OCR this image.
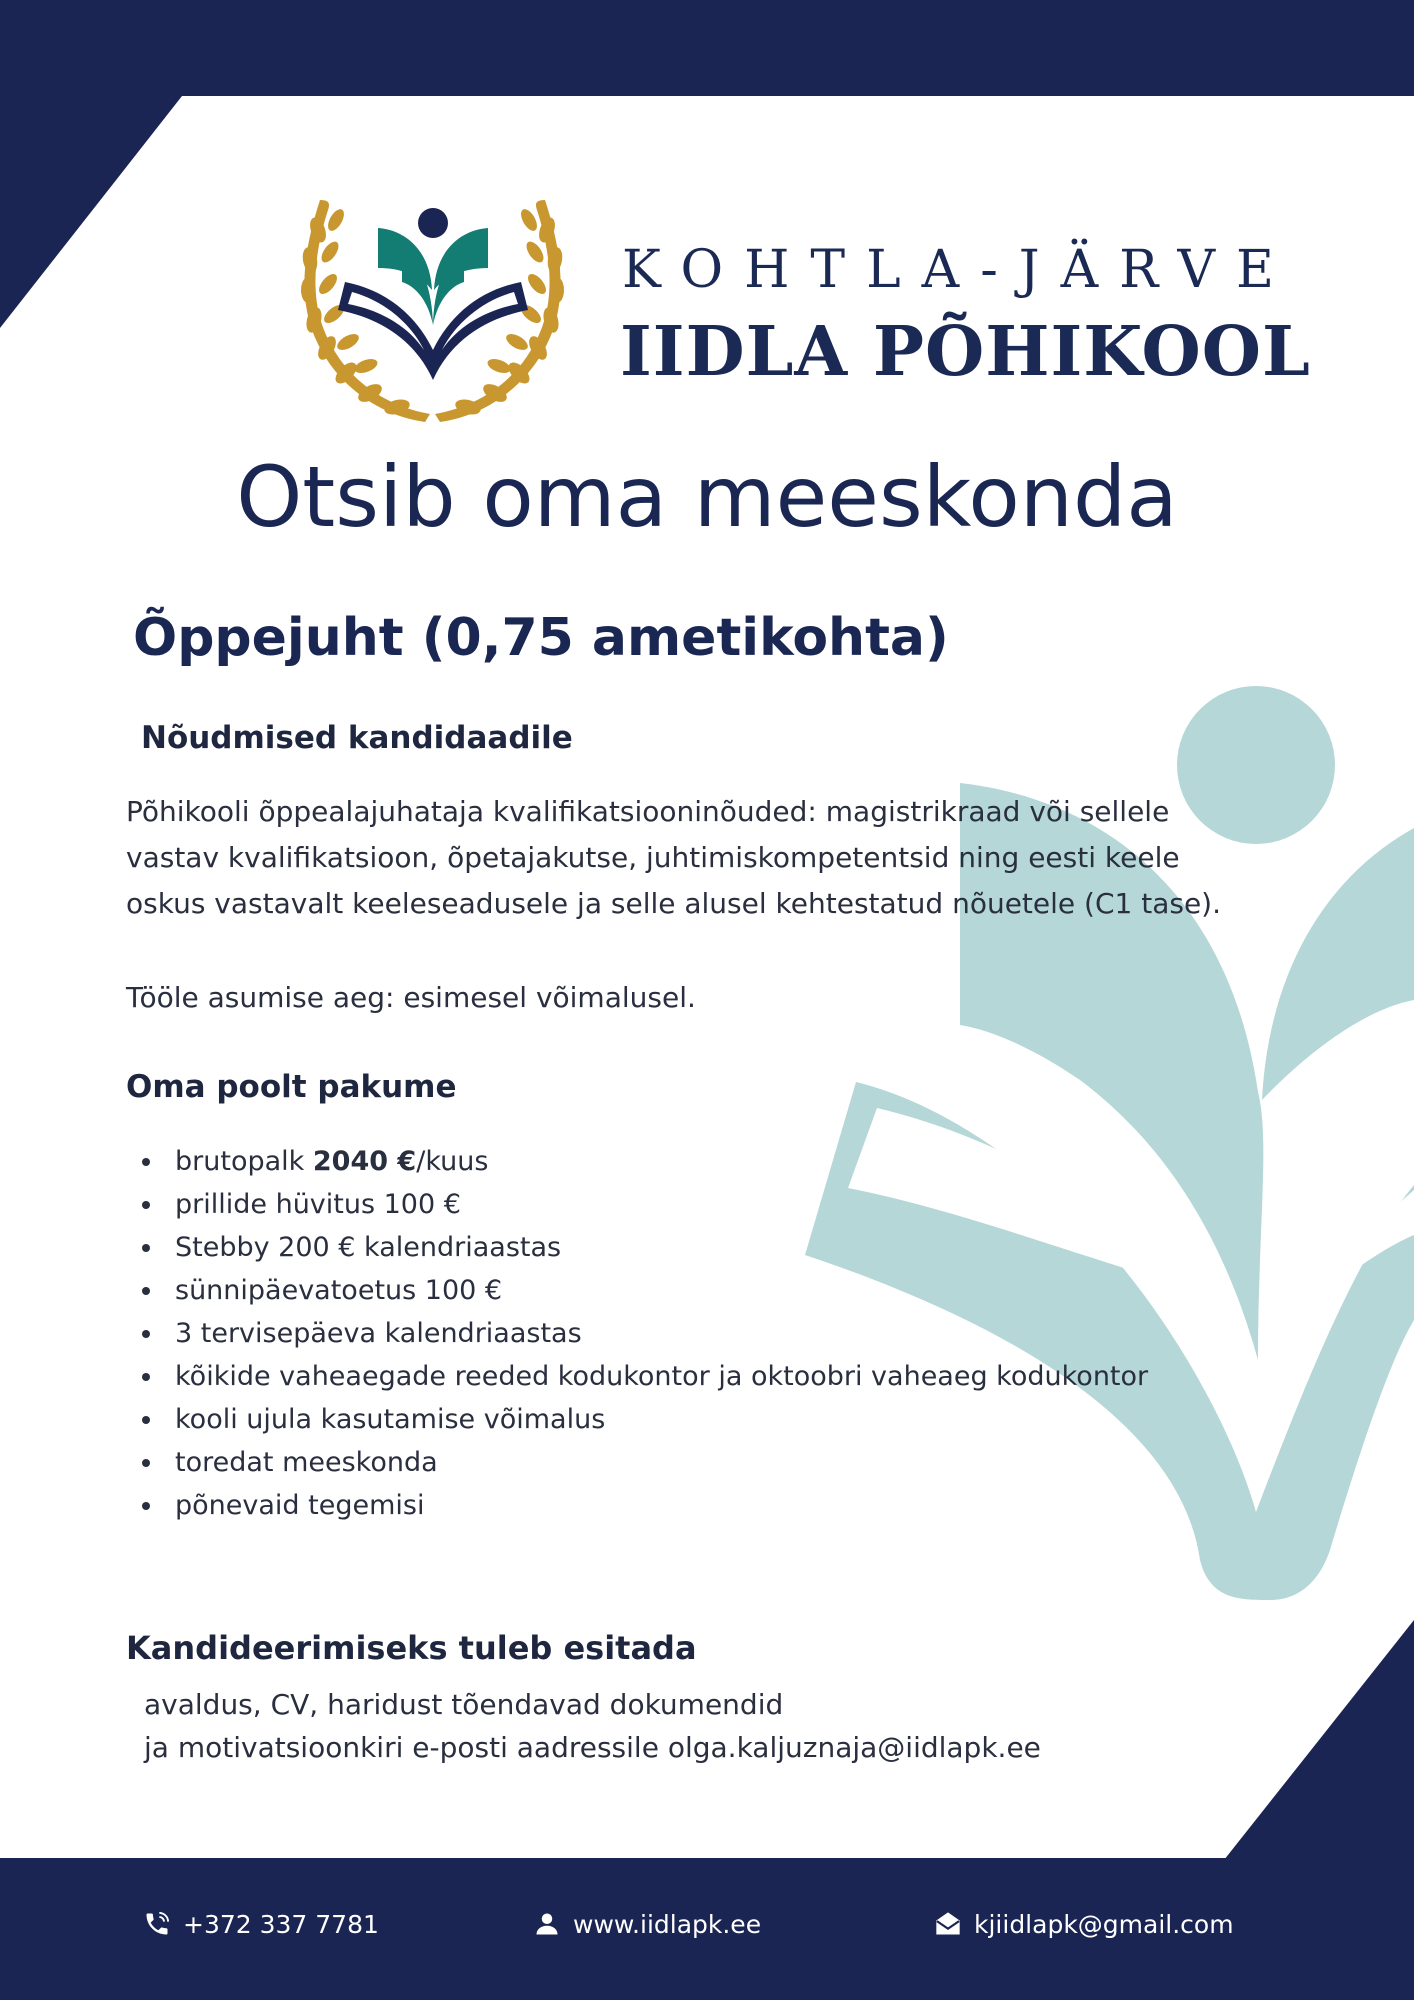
KOHTLA-JÄRVE
IIDLA PÕHIKOOL
Otsib oma meeskonda
Õppejuht (0,75 ametikohta)
Nõudmised kandidaadile
Põhikooli õppealajuhataja kvalifikatsiooninõuded: magistrikraad või sellele
vastav kvalifikatsioon, õpetajakutse, juhtimiskompetentsid ning eesti keele
oskus vastavalt keeleseadusele ja selle alusel kehtestatud nõuetele (C1 tase).
Tööle asumise aeg: esimesel võimalusel.
Oma poolt pakume
brutopalk 2040 €/kuus
prillide hüvitus 100 €
Stebby 200 € kalendriaastas
sünnipäevatoetus 100 €
3 tervisepäeva kalendriaastas
kõikide vaheaegade reeded kodukontor ja oktoobri vaheaeg kodukontor
kooli ujula kasutamise võimalus
toredat meeskonda
põnevaid tegemisi
Kandideerimiseks tuleb esitada
avaldus, CV, haridust tõendavad dokumendid
ja motivatsioonkiri e-posti aadressile olga.kaljuznaja@iidlapk.ee
+372 337 7781	www.iidlapk.ee	kjiidlapk@gmail.com
